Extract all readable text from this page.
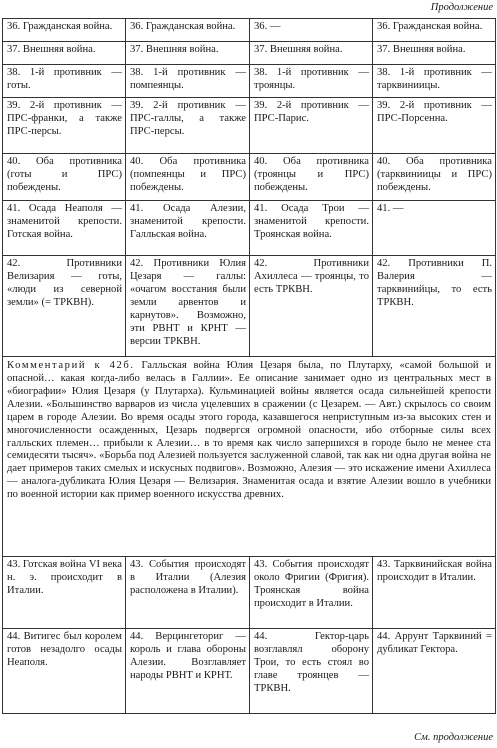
Продолжение
36. Гражданская война.	36. Гражданская война.	36. —	36. Гражданская война.
37. Внешняя война.	37. Внешняя война.	37. Внешняя война.	37. Внешняя война.
38. 1-й противник — готы.	38. 1-й противник — помпеянцы.	38. 1-й противник — троянцы.	38. 1-й противник — тарквиниицы.
39. 2-й противник — ПРС-франки, а также ПРС-персы.	39. 2-й противник — ПРС-галлы, а также ПРС-персы.	39. 2-й противник — ПРС-Парис.	39. 2-й противник — ПРС-Порсенна.
40. Оба противника (готы и ПРС) побеждены.	40. Оба противника (помпеянцы и ПРС) побеждены.	40. Оба противника (троянцы и ПРС) побеждены.	40. Оба противника (тарквиниицы и ПРС) побеждены.
41. Осада Неаполя — знаменитой крепости. Готская война.	41. Осада Алезии, знаменитой крепости. Галльская война.	41. Осада Трои — знаменитой крепости. Троянская война.	41. —
42. Противники Велизария — готы, «люди из северной земли» (= ТРКВН).	42. Противники Юлия Цезаря — галлы: «очагом восстания были земли арвентов и карнутов». Возможно, эти РВНТ и КРНТ — версии ТРКВН.	42. Противники Ахиллеса — троянцы, то есть ТРКВН.	42. Противники П. Валерия — тарквинийцы, то есть ТРКВН.
Комментарий к 42б. Галльская война Юлия Цезаря была, по Плутарху, «самой большой и опасной… какая когда-либо велась в Галлии». Ее описание занимает одно из центральных мест в «биографии» Юлия Цезаря (у Плутарха). Кульминацией войны является осада сильнейшей крепости Алезии. «Большинство варваров из числа уцелевших в сражении (с Цезарем. — Авт.) скрылось со своим царем в городе Алезии. Во время осады этого города, казавшегося неприступным из-за высоких стен и многочисленности осажденных, Цезарь подвергся огромной опасности, ибо отборные силы всех галльских племен… прибыли к Алезии… в то время как число запершихся в городе было не менее ста семидесяти тысяч». «Борьба под Алезией пользуется заслуженной славой, так как ни одна другая война не дает примеров таких смелых и искусных подвигов». Возможно, Алезия — это искажение имени Ахиллеса — аналога-дубликата Юлия Цезаря — Велизария. Знаменитая осада и взятие Алезии вошло в учебники по военной истории как пример военного искусства древних.			
43. Готская война VI века н. э. происходит в Италии.	43. События происходят в Италии (Алезия расположена в Италии).	43. События происходят около Фригии (Фригия). Троянская война происходит в Италии.	43. Тарквинийская война происходит в Италии.
44. Витигес был королем готов незадолго осады Неаполя.	44. Верцингеториг — король и глава обороны Алезии. Возглавляет народы РВНТ и КРНТ.	44. Гектор-царь возглавлял оборону Трои, то есть стоял во главе троянцев — ТРКВН.	44. Аррунт Тарквиний = дубликат Гектора.
См. продолжение
